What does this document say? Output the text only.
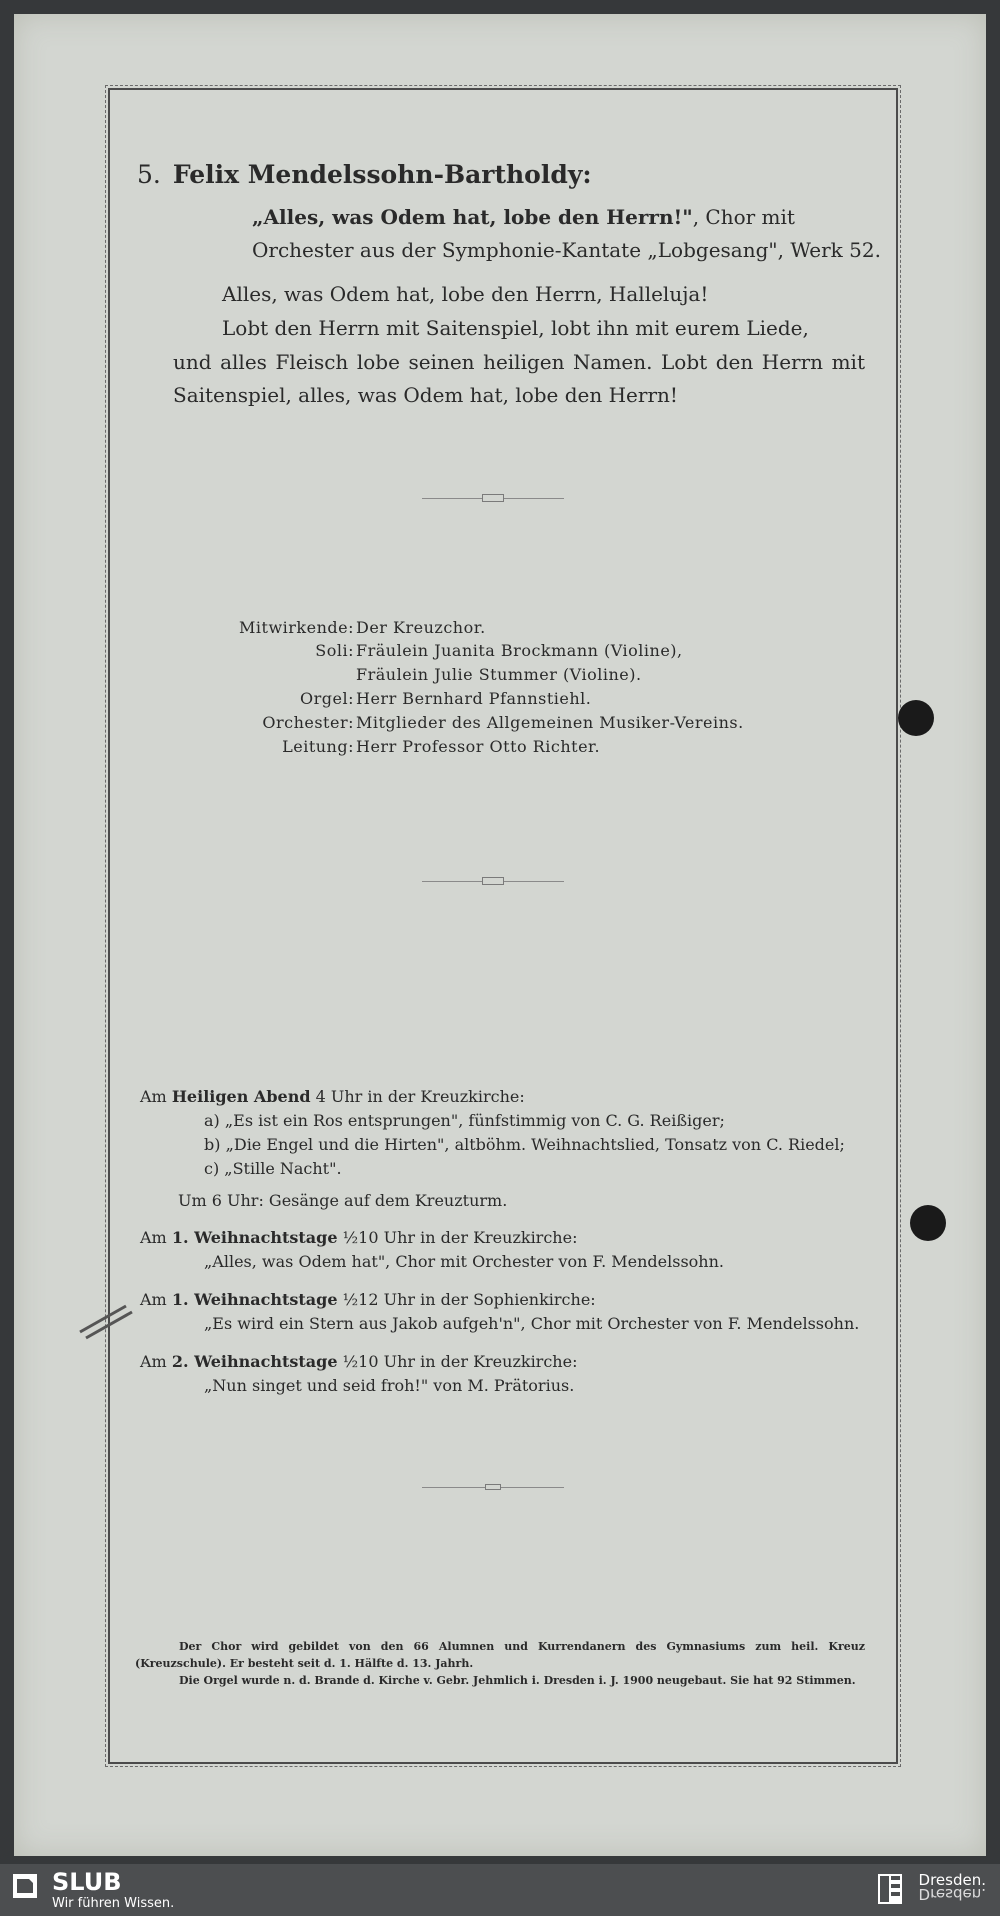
5. Felix Mendelssohn-Bartholdy:
„Alles, was Odem hat, lobe den Herrn!", Chor mit
Orchester aus der Symphonie-Kantate „Lobgesang", Werk 52.
Alles, was Odem hat, lobe den Herrn, Halleluja!
Lobt den Herrn mit Saitenspiel, lobt ihn mit eurem Liede,
und alles Fleisch lobe seinen heiligen Namen. Lobt den Herrn mit
Saitenspiel, alles, was Odem hat, lobe den Herrn!
Mitwirkende: Der Kreuzchor.
Soli: Fräulein Juanita Brockmann (Violine),
Fräulein Julie Stummer (Violine).
Orgel: Herr Bernhard Pfannstiehl.
Orchester: Mitglieder des Allgemeinen Musiker-Vereins.
Leitung: Herr Professor Otto Richter.
Am Heiligen Abend 4 Uhr in der Kreuzkirche:
a) „Es ist ein Ros entsprungen", fünfstimmig von C. G. Reißiger;
b) „Die Engel und die Hirten", altböhm. Weihnachtslied, Tonsatz von C. Riedel;
c) „Stille Nacht".
Um 6 Uhr: Gesänge auf dem Kreuzturm.
Am 1. Weihnachtstage ½10 Uhr in der Kreuzkirche:
„Alles, was Odem hat", Chor mit Orchester von F. Mendelssohn.
Am 1. Weihnachtstage ½12 Uhr in der Sophienkirche:
„Es wird ein Stern aus Jakob aufgeh'n", Chor mit Orchester von F. Mendelssohn.
Am 2. Weihnachtstage ½10 Uhr in der Kreuzkirche:
„Nun singet und seid froh!" von M. Prätorius.
Der Chor wird gebildet von den 66 Alumnen und Kurrendanern des Gymnasiums zum heil. Kreuz (Kreuzschule). Er besteht seit d. 1. Hälfte d. 13. Jahrh.
Die Orgel wurde n. d. Brande d. Kirche v. Gebr. Jehmlich i. Dresden i. J. 1900 neugebaut. Sie hat 92 Stimmen.
SLUB
Wir führen Wissen.
Dresden.
Dresden.
